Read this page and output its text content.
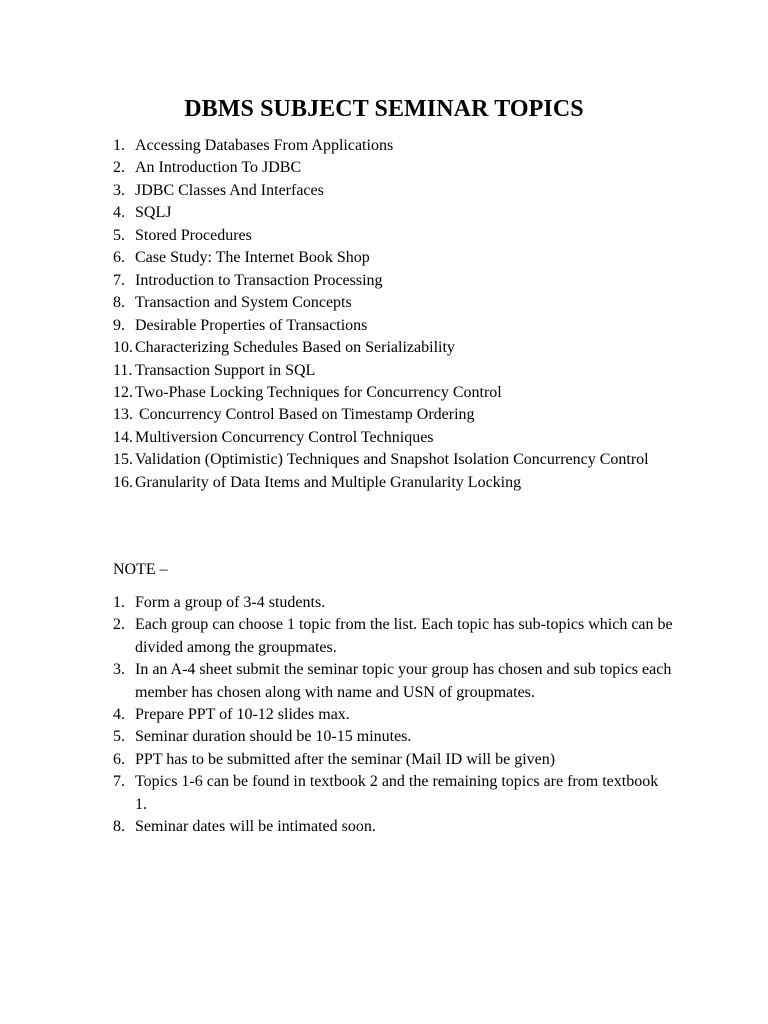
DBMS SUBJECT SEMINAR TOPICS
1. Accessing Databases From Applications
2. An Introduction To JDBC
3. JDBC Classes And Interfaces
4. SQLJ
5. Stored Procedures
6. Case Study: The Internet Book Shop
7. Introduction to Transaction Processing
8. Transaction and System Concepts
9. Desirable Properties of Transactions
10. Characterizing Schedules Based on Serializability
11. Transaction Support in SQL
12. Two-Phase Locking Techniques for Concurrency Control
13. Concurrency Control Based on Timestamp Ordering
14. Multiversion Concurrency Control Techniques
15. Validation (Optimistic) Techniques and Snapshot Isolation Concurrency Control
16. Granularity of Data Items and Multiple Granularity Locking
NOTE –
1. Form a group of 3-4 students.
2. Each group can choose 1 topic from the list. Each topic has sub-topics which can be divided among the groupmates.
3. In an A-4 sheet submit the seminar topic your group has chosen and sub topics each member has chosen along with name and USN of groupmates.
4. Prepare PPT of 10-12 slides max.
5. Seminar duration should be 10-15 minutes.
6. PPT has to be submitted after the seminar (Mail ID will be given)
7. Topics 1-6 can be found in textbook 2 and the remaining topics are from textbook 1.
8. Seminar dates will be intimated soon.
